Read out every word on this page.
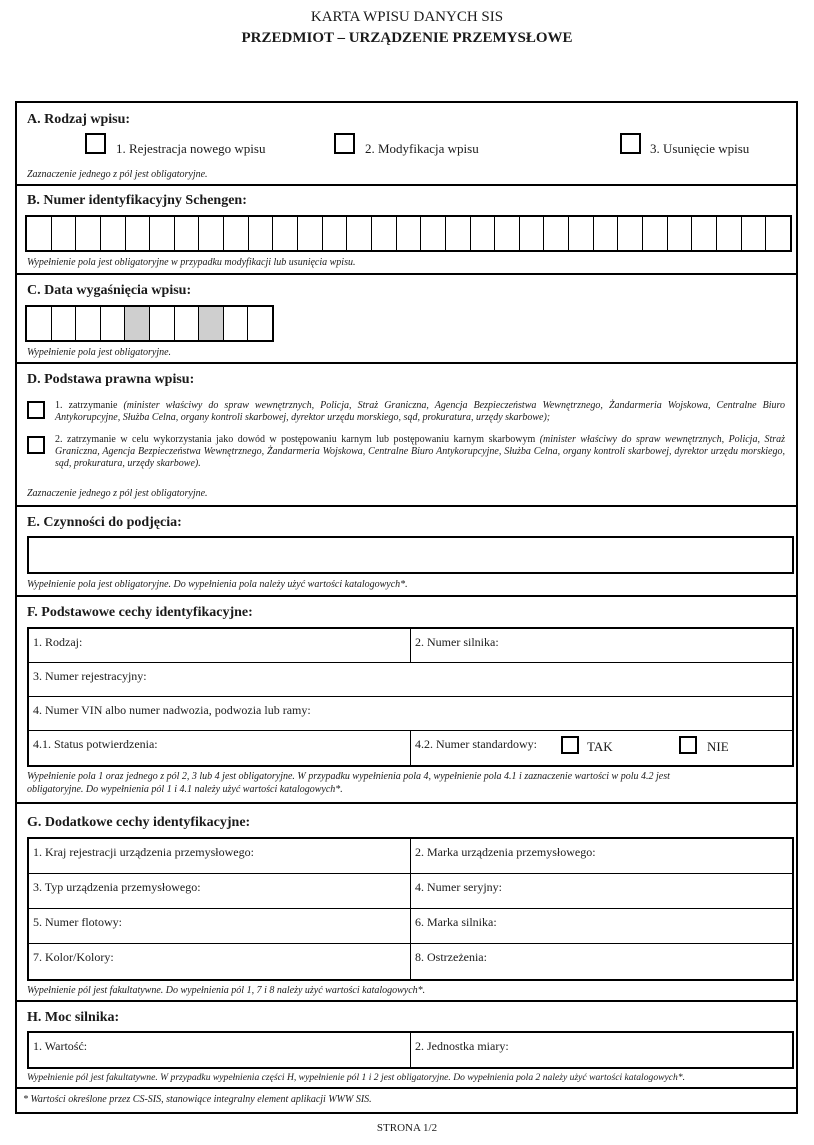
KARTA WPISU DANYCH SIS
PRZEDMIOT – URZĄDZENIE PRZEMYSŁOWE
A. Rodzaj wpisu:
1. Rejestracja nowego wpisu	2. Modyfikacja wpisu	3. Usunięcie wpisu
Zaznaczenie jednego z pól jest obligatoryjne.
B. Numer identyfikacyjny Schengen:
Wypełnienie pola jest obligatoryjne w przypadku modyfikacji lub usunięcia wpisu.
C. Data wygaśnięcia wpisu:
Wypełnienie pola jest obligatoryjne.
D. Podstawa prawna wpisu:
1. zatrzymanie (minister właściwy do spraw wewnętrznych, Policja, Straż Graniczna, Agencja Bezpieczeństwa Wewnętrznego, Żandarmeria Wojskowa, Centralne Biuro Antykorupcyjne, Służba Celna, organy kontroli skarbowej, dyrektor urzędu morskiego, sąd, prokuratura, urzędy skarbowe);
2. zatrzymanie w celu wykorzystania jako dowód w postępowaniu karnym lub postępowaniu karnym skarbowym (minister właściwy do spraw wewnętrznych, Policja, Straż Graniczna, Agencja Bezpieczeństwa Wewnętrznego, Żandarmeria Wojskowa, Centralne Biuro Antykorupcyjne, Służba Celna, organy kontroli skarbowej, dyrektor urzędu morskiego, sąd, prokuratura, urzędy skarbowe).
Zaznaczenie jednego z pól jest obligatoryjne.
E. Czynności do podjęcia:
Wypełnienie pola jest obligatoryjne. Do wypełnienia pola należy użyć wartości katalogowych*.
F. Podstawowe cechy identyfikacyjne:
1. Rodzaj:	2. Numer silnika:
3. Numer rejestracyjny:
4. Numer VIN albo numer nadwozia, podwozia lub ramy:
4.1. Status potwierdzenia:	4.2. Numer standardowy:	TAK	NIE
Wypełnienie pola 1 oraz jednego z pól 2, 3 lub 4 jest obligatoryjne. W przypadku wypełnienia pola 4, wypełnienie pola 4.1 i zaznaczenie wartości w polu 4.2 jest
obligatoryjne. Do wypełnienia pól 1 i 4.1 należy użyć wartości katalogowych*.
G. Dodatkowe cechy identyfikacyjne:
1. Kraj rejestracji urządzenia przemysłowego:	2. Marka urządzenia przemysłowego:
3. Typ urządzenia przemysłowego:	4. Numer seryjny:
5. Numer flotowy:	6. Marka silnika:
7. Kolor/Kolory:	8. Ostrzeżenia:
Wypełnienie pól jest fakultatywne. Do wypełnienia pól 1, 7 i 8 należy użyć wartości katalogowych*.
H. Moc silnika:
1. Wartość:	2. Jednostka miary:
Wypełnienie pól jest fakultatywne. W przypadku wypełnienia części H, wypełnienie pól 1 i 2 jest obligatoryjne. Do wypełnienia pola 2 należy użyć wartości katalogowych*.
* Wartości określone przez CS-SIS, stanowiące integralny element aplikacji WWW SIS.
STRONA 1/2
